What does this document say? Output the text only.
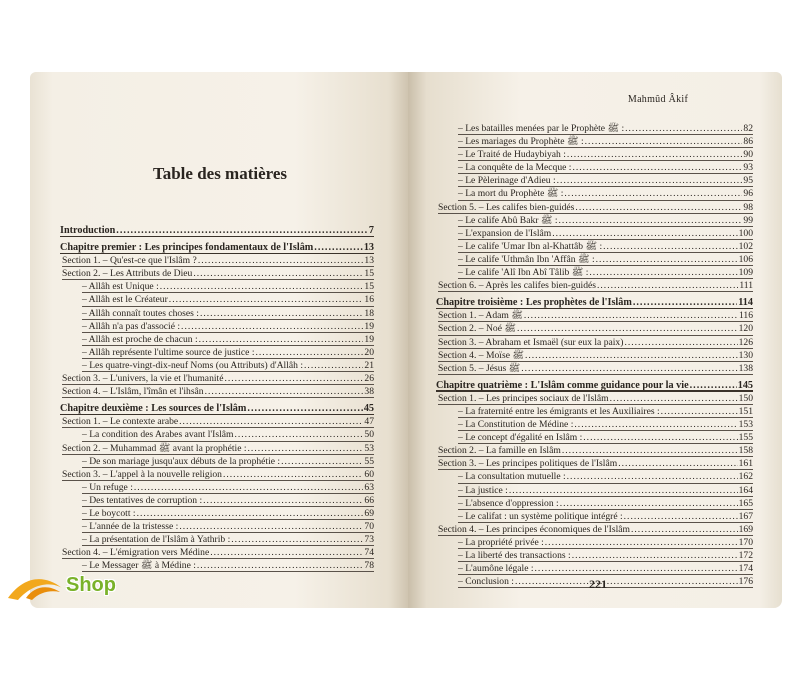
Table des matières
Introduction .....	7
Chapitre premier : Les principes fondamentaux de l'Islâm .....	13
Section 1. – Qu'est-ce que l'Islâm ? .....	13
Section 2. – Les Attributs de Dieu .....	15
– Allâh est Unique : .....	15
– Allâh est le Créateur .....	16
– Allâh connaît toutes choses : .....	18
– Allâh n'a pas d'associé : .....	19
– Allâh est proche de chacun : .....	19
– Allâh représente l'ultime source de justice : .....	20
– Les quatre-vingt-dix-neuf Noms (ou Attributs) d'Allâh : .....	21
Section 3. – L'univers, la vie et l'humanité .....	26
Section 4. – L'Islâm, l'îmân et l'ihsân .....	38
Chapitre deuxième : Les sources de l'Islâm .....	45
Section 1. – Le contexte arabe .....	47
– La condition des Arabes avant l'Islâm .....	50
Section 2. – Muhammad ﷺ avant la prophétie : .....	53
– De son mariage jusqu'aux débuts de la prophétie : .....	55
Section 3. – L'appel à la nouvelle religion .....	60
– Un refuge : .....	63
– Des tentatives de corruption : .....	66
– Le boycott : .....	69
– L'année de la tristesse : .....	70
– La présentation de l'Islâm à Yathrib : .....	73
Section 4. – L'émigration vers Médine .....	74
– Le Messager ﷺ à Médine : .....	78
Mahmûd Âkif
– Les batailles menées par le Prophète ﷺ : .....	82
– Les mariages du Prophète ﷺ : .....	86
– Le Traité de Hudaybiyah : .....	90
– La conquête de la Mecque : .....	93
– Le Pèlerinage d'Adieu : .....	95
– La mort du Prophète ﷺ : .....	96
Section 5. – Les califes bien-guidés .....	98
– Le calife Abû Bakr ﷺ : .....	99
– L'expansion de l'Islâm .....	100
– Le calife 'Umar Ibn al-Khattâb ﷺ : .....	102
– Le calife 'Uthmân Ibn 'Affân ﷺ : .....	106
– Le calife 'Alî Ibn Abî Tâlib ﷺ : .....	109
Section 6. – Après les califes bien-guidés .....	111
Chapitre troisième : Les prophètes de l'Islâm .....	114
Section 1. – Adam ﷺ .....	116
Section 2. – Noé ﷺ .....	120
Section 3. – Abraham et Ismaël (sur eux la paix) .....	126
Section 4. – Moïse ﷺ .....	130
Section 5. – Jésus ﷺ .....	138
Chapitre quatrième : L'Islâm comme guidance pour la vie .....	145
Section 1. – Les principes sociaux de l'Islâm .....	150
– La fraternité entre les émigrants et les Auxiliaires : .....	151
– La Constitution de Médine : .....	153
– Le concept d'égalité en Islâm : .....	155
Section 2. – La famille en Islâm .....	158
Section 3. – Les principes politiques de l'Islâm .....	161
– La consultation mutuelle : .....	162
– La justice : .....	164
– L'absence d'oppression : .....	165
– Le califat : un système politique intégré : .....	167
Section 4. – Les principes économiques de l'Islâm .....	169
– La propriété privée : .....	170
– La liberté des transactions : .....	172
– L'aumône légale : .....	174
– Conclusion : .....	176
221
Shop
